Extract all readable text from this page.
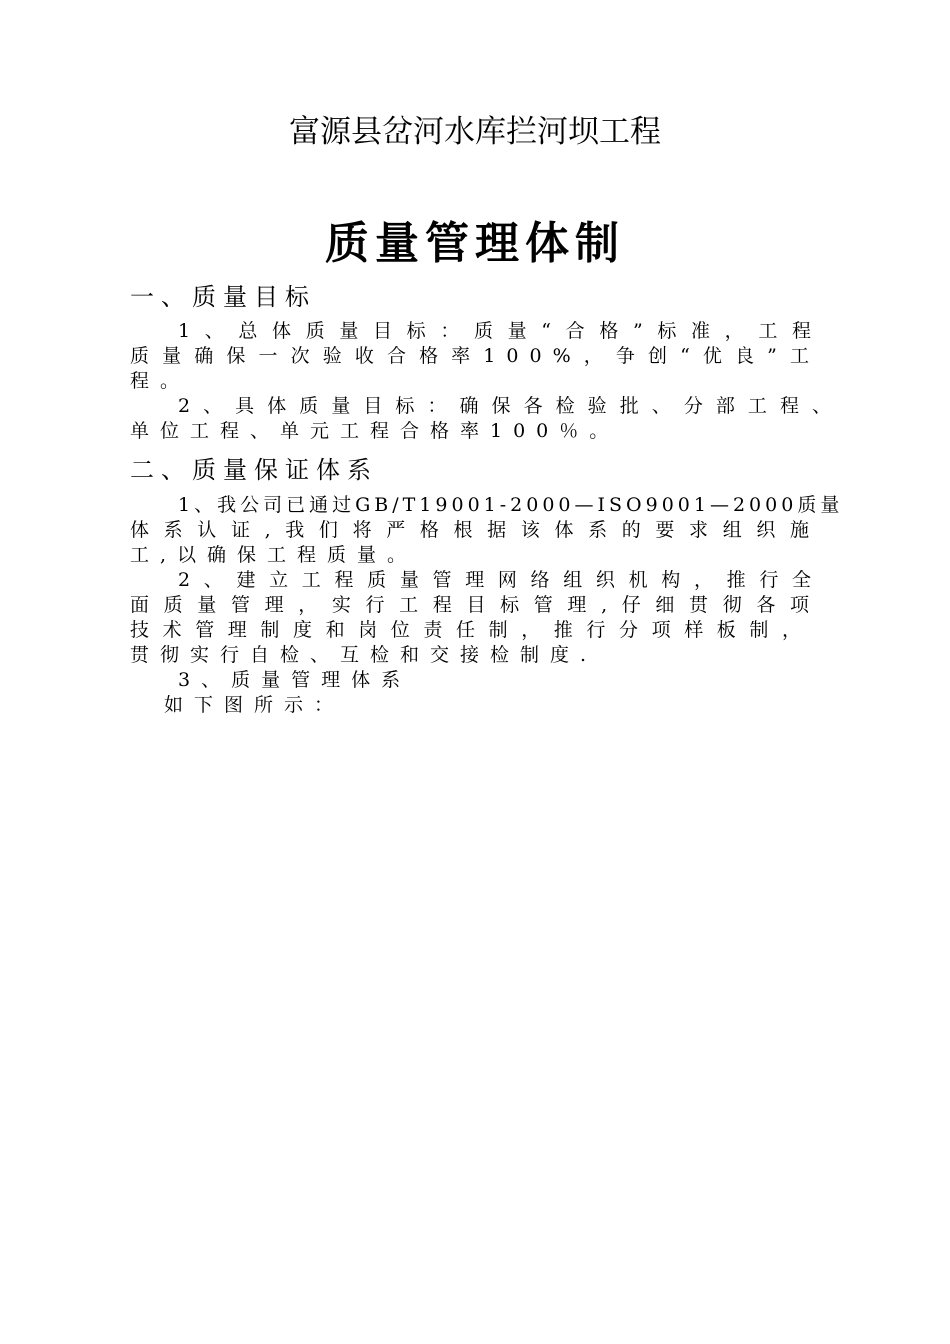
富源县岔河水库拦河坝工程
质量管理体制
一、质量目标
1、总体质量目标：质量“合格”标准，工程
质量确保一次验收合格率100%，争创“优良”工
程。
2、具体质量目标：确保各检验批、分部工程、
单位工程、单元工程合格率100％。
二、质量保证体系
1、我公司已通过GB/T19001-2000—ISO9001—2000质量
体系认证,我们将严格根据该体系的要求组织施
工,以确保工程质量。
2、建立工程质量管理网络组织机构，推行全
面质量管理，实行工程目标管理,仔细贯彻各项
技术管理制度和岗位责任制，推行分项样板制，
贯彻实行自检、互检和交接检制度.
3、质量管理体系
如下图所示：
